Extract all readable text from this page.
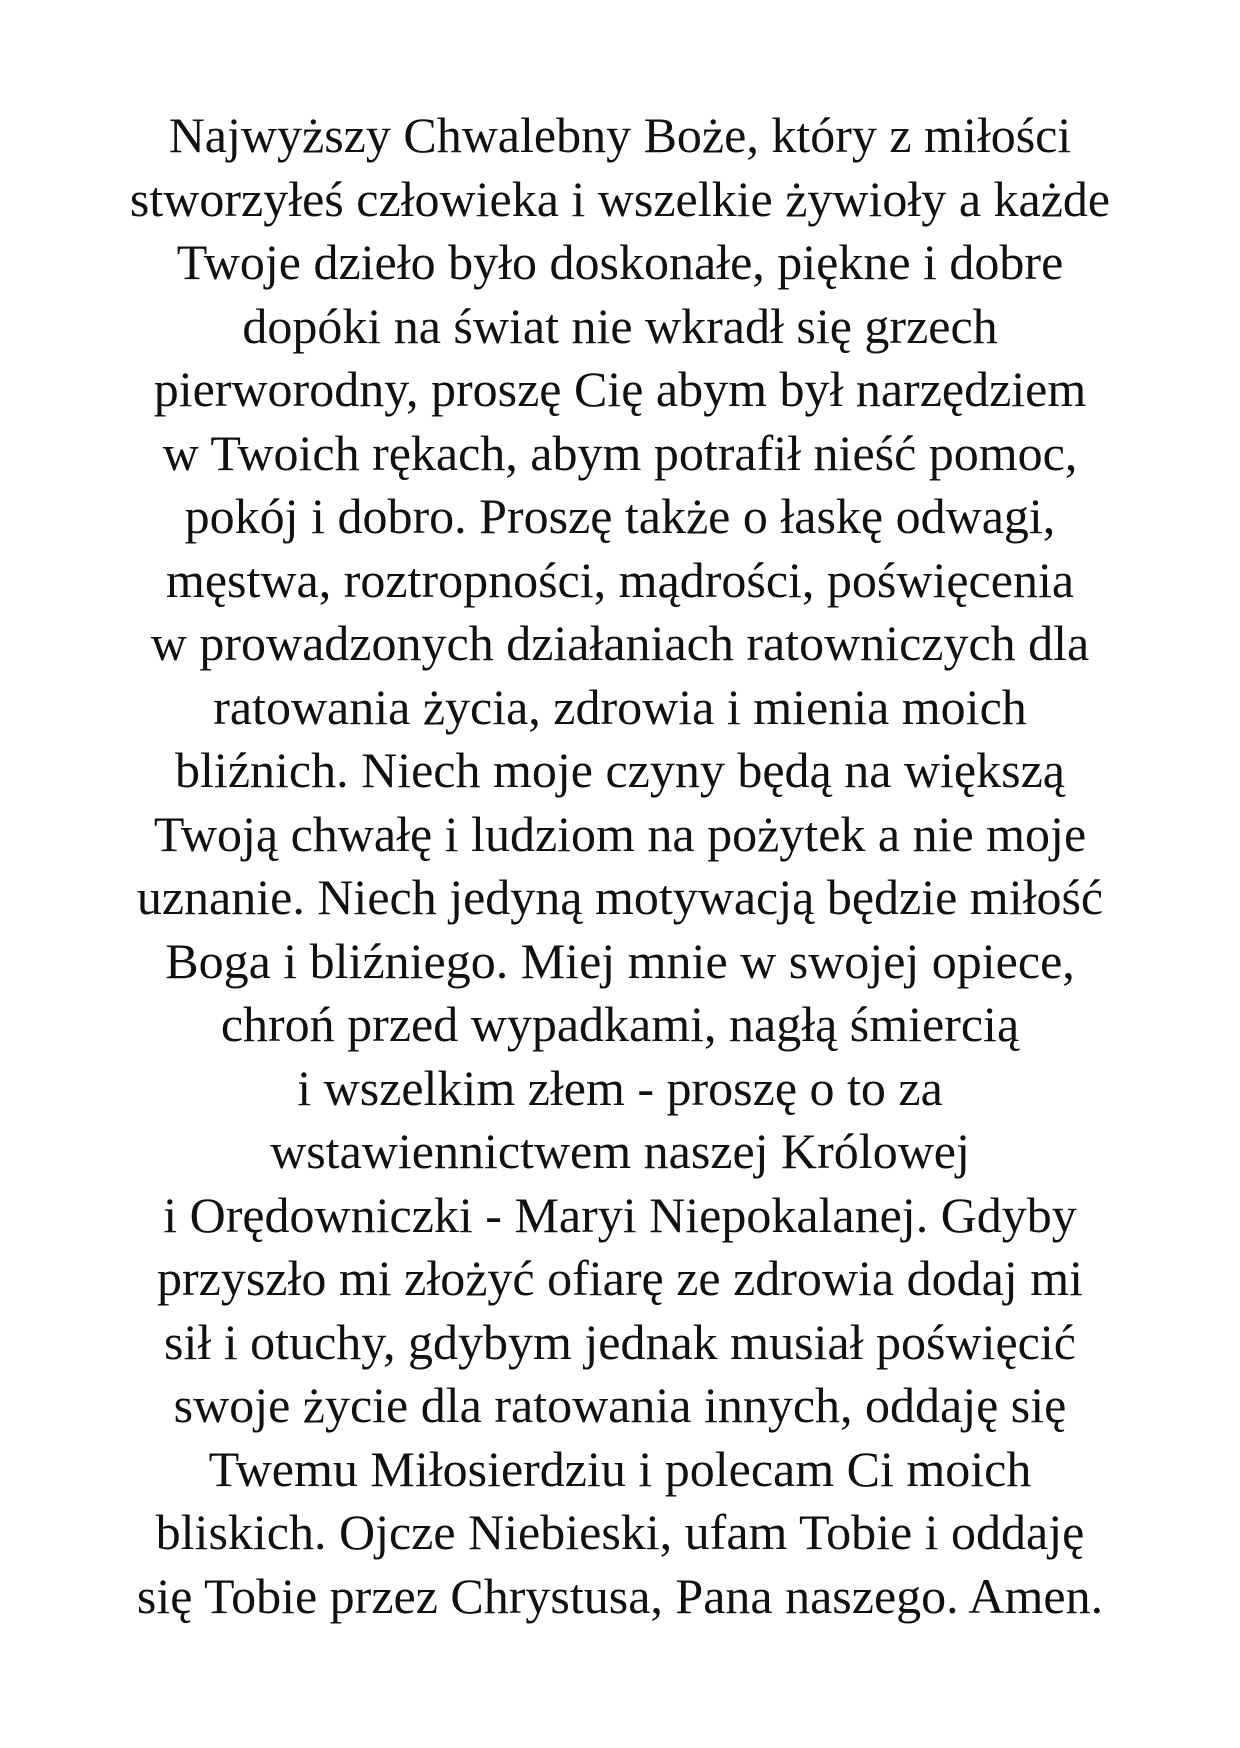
Najwyższy Chwalebny Boże, który z miłości
stworzyłeś człowieka i wszelkie żywioły a każde
Twoje dzieło było doskonałe, piękne i dobre
dopóki na świat nie wkradł się grzech
pierworodny, proszę Cię abym był narzędziem
w Twoich rękach, abym potrafił nieść pomoc,
pokój i dobro. Proszę także o łaskę odwagi,
męstwa, roztropności, mądrości, poświęcenia
w prowadzonych działaniach ratowniczych dla
ratowania życia, zdrowia i mienia moich
bliźnich. Niech moje czyny będą na większą
Twoją chwałę i ludziom na pożytek a nie moje
uznanie. Niech jedyną motywacją będzie miłość
Boga i bliźniego. Miej mnie w swojej opiece,
chroń przed wypadkami, nagłą śmiercią
i wszelkim złem - proszę o to za
wstawiennictwem naszej Królowej
i Orędowniczki - Maryi Niepokalanej. Gdyby
przyszło mi złożyć ofiarę ze zdrowia dodaj mi
sił i otuchy, gdybym jednak musiał poświęcić
swoje życie dla ratowania innych, oddaję się
Twemu Miłosierdziu i polecam Ci moich
bliskich. Ojcze Niebieski, ufam Tobie i oddaję
się Tobie przez Chrystusa, Pana naszego. Amen.
